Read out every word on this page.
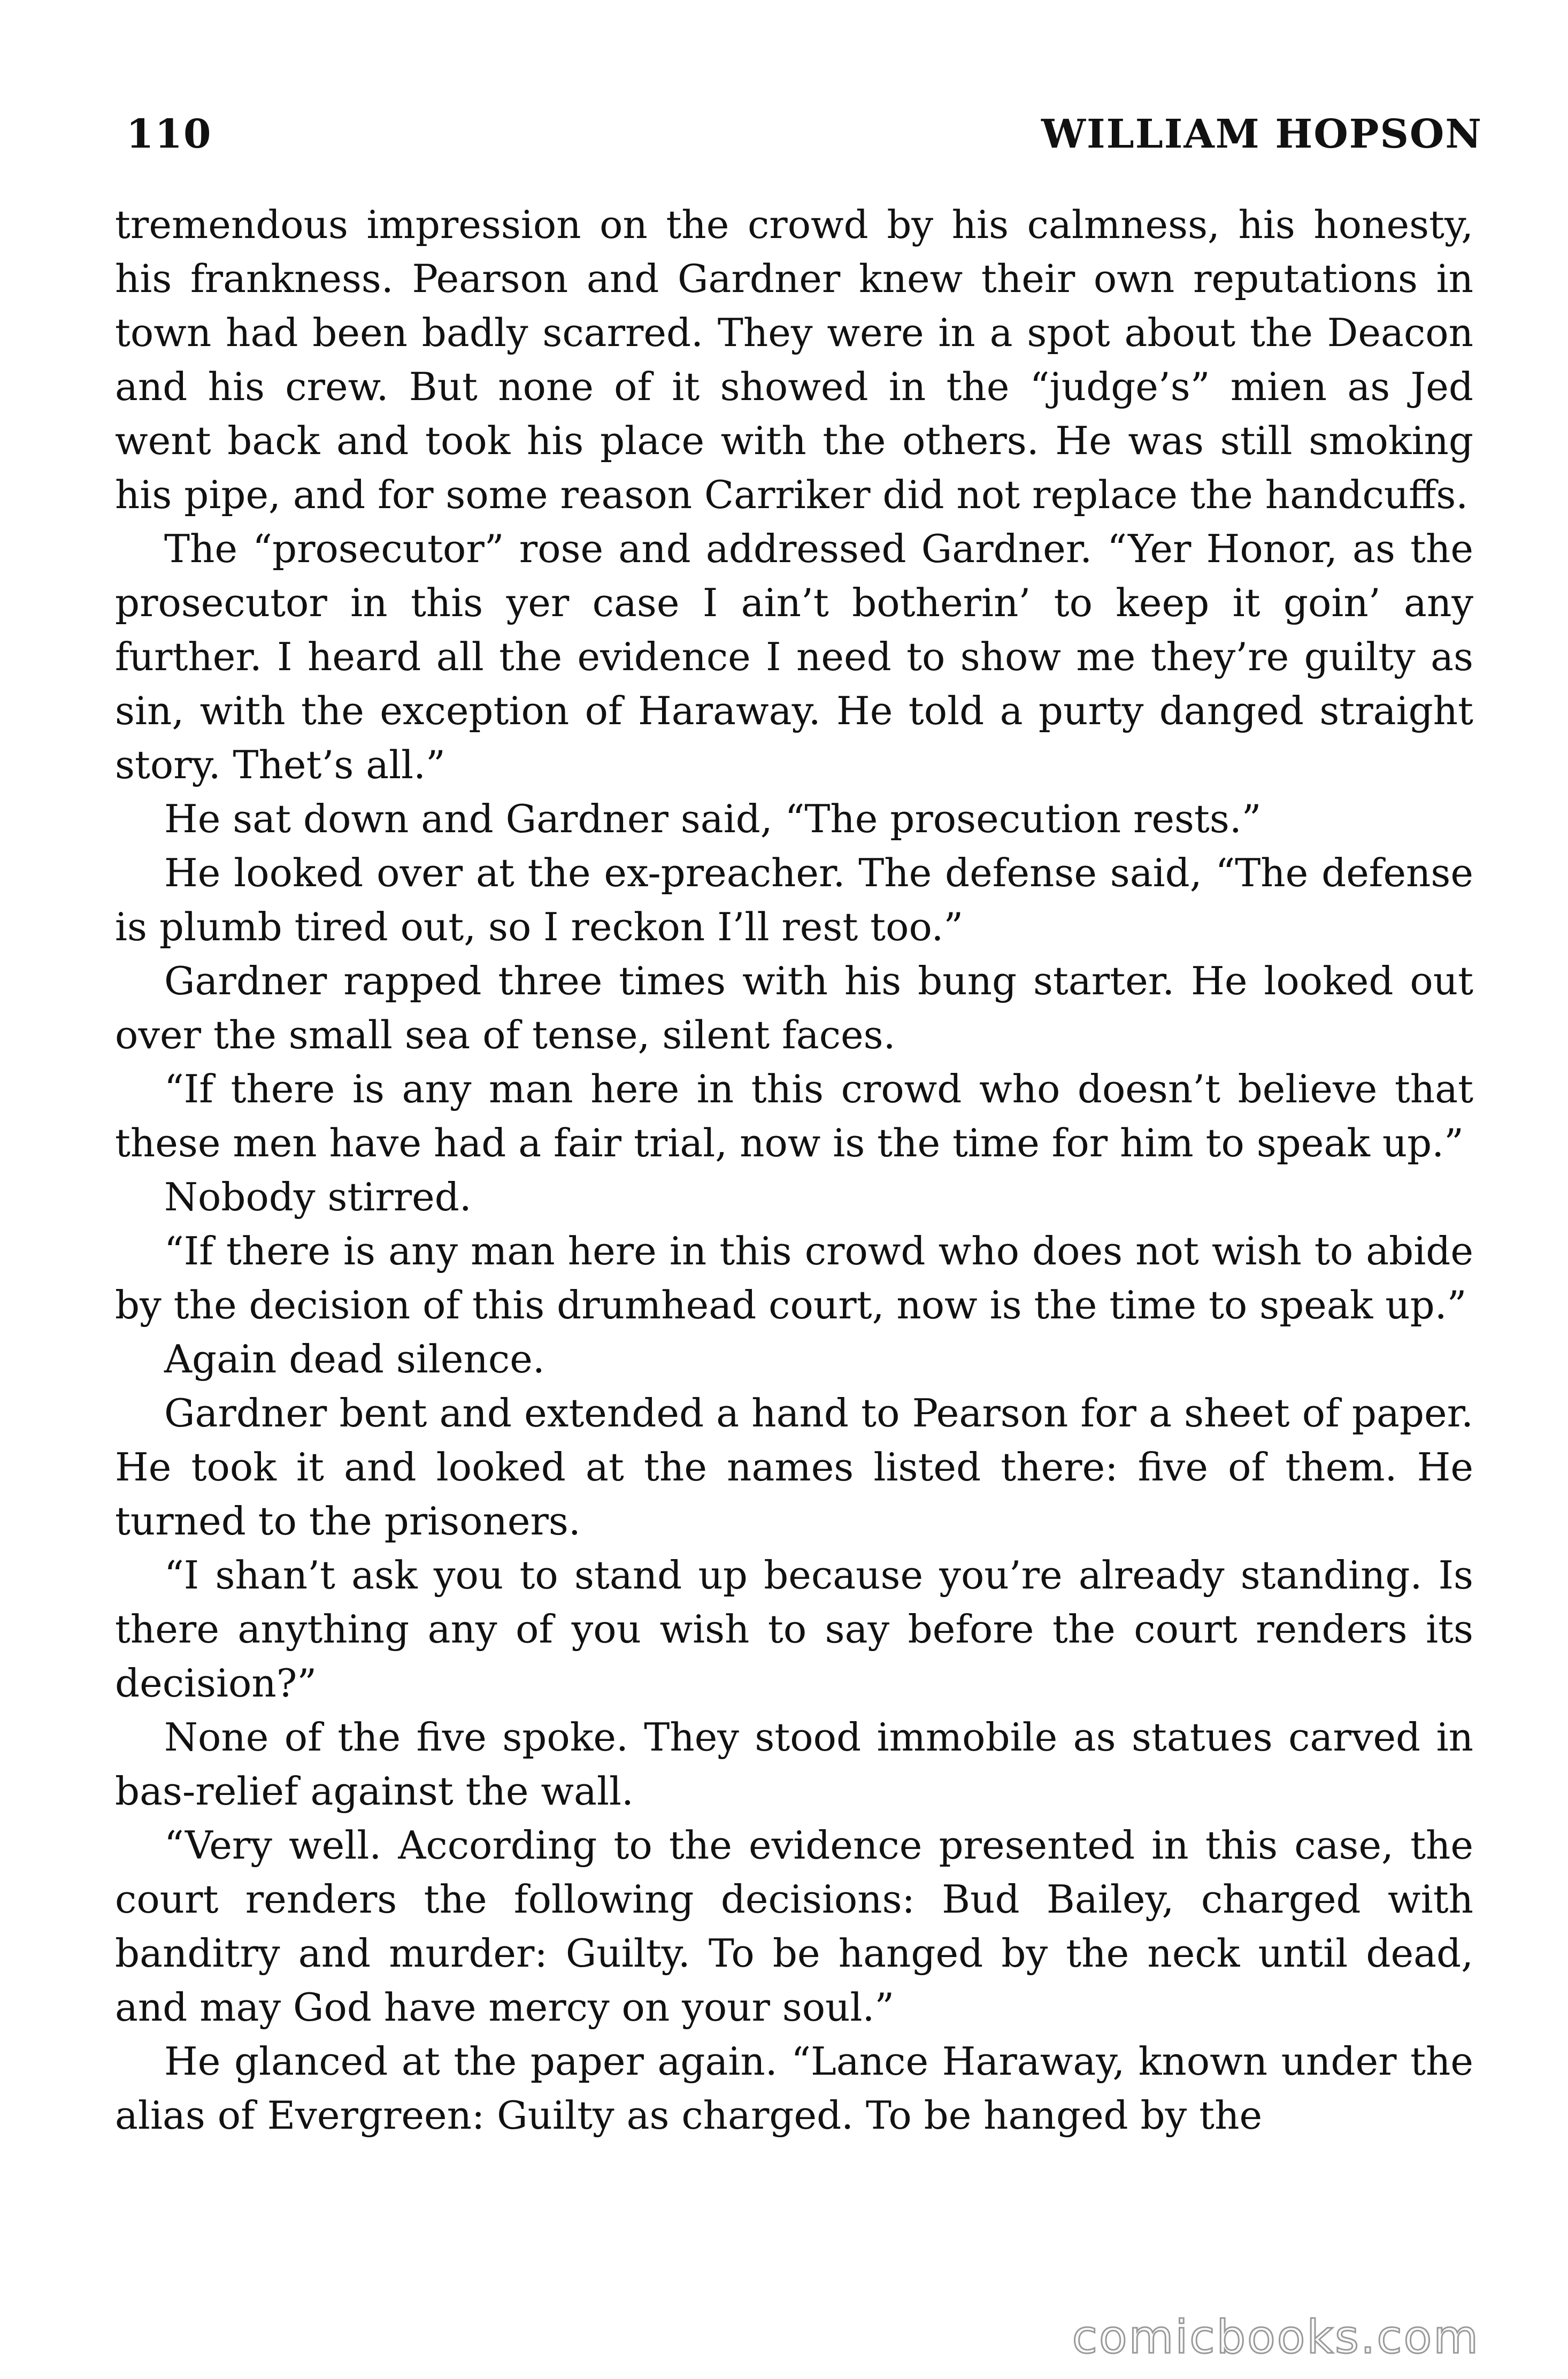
110	WILLIAM HOPSON

tremendous impression on the crowd by his calmness, his honesty, his frankness. Pearson and Gardner knew their own reputations in town had been badly scarred. They were in a spot about the Deacon and his crew. But none of it showed in the “judge’s” mien as Jed went back and took his place with the others. He was still smoking his pipe, and for some reason Carriker did not replace the handcuffs.

The “prosecutor” rose and addressed Gardner. “Yer Honor, as the prosecutor in this yer case I ain’t botherin’ to keep it goin’ any further. I heard all the evidence I need to show me they’re guilty as sin, with the exception of Haraway. He told a purty danged straight story. Thet’s all.”

He sat down and Gardner said, “The prosecution rests.”

He looked over at the ex-preacher. The defense said, “The defense is plumb tired out, so I reckon I’ll rest too.”

Gardner rapped three times with his bung starter. He looked out over the small sea of tense, silent faces.

“If there is any man here in this crowd who doesn’t believe that these men have had a fair trial, now is the time for him to speak up.”

Nobody stirred.

“If there is any man here in this crowd who does not wish to abide by the decision of this drumhead court, now is the time to speak up.”

Again dead silence.

Gardner bent and extended a hand to Pearson for a sheet of paper. He took it and looked at the names listed there: five of them. He turned to the prisoners.

“I shan’t ask you to stand up because you’re already standing. Is there anything any of you wish to say before the court renders its decision?”

None of the five spoke. They stood immobile as statues carved in bas-relief against the wall.

“Very well. According to the evidence presented in this case, the court renders the following decisions: Bud Bailey, charged with banditry and murder: Guilty. To be hanged by the neck until dead, and may God have mercy on your soul.”

He glanced at the paper again. “Lance Haraway, known under the alias of Evergreen: Guilty as charged. To be hanged by the

comicbooks.com
